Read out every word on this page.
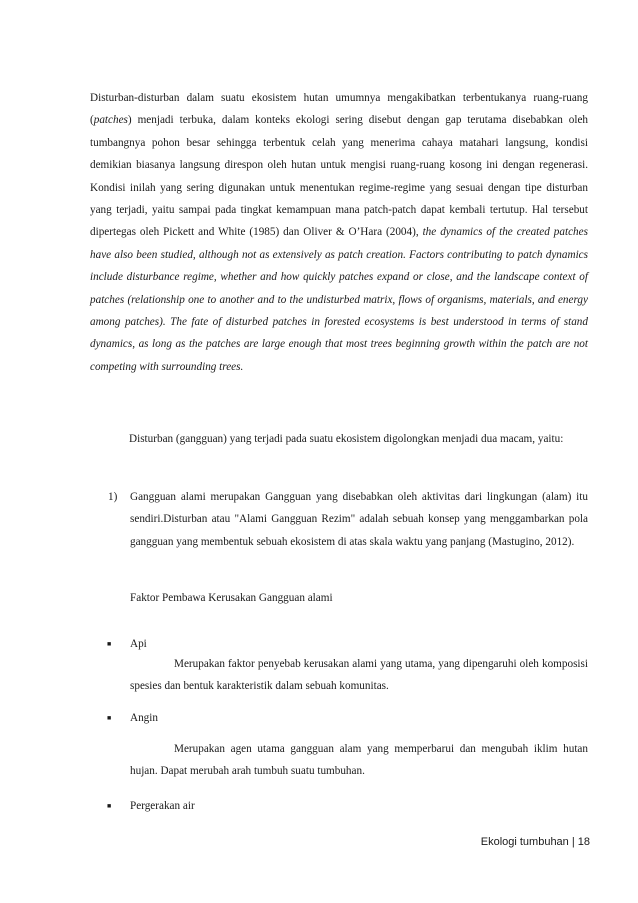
Disturban-disturban dalam suatu ekosistem hutan umumnya mengakibatkan terbentukanya ruang-ruang (patches) menjadi terbuka, dalam konteks ekologi sering disebut dengan gap terutama disebabkan oleh tumbangnya pohon besar sehingga terbentuk celah yang menerima cahaya matahari langsung, kondisi demikian biasanya langsung direspon oleh hutan untuk mengisi ruang-ruang kosong ini dengan regenerasi. Kondisi inilah yang sering digunakan untuk menentukan regime-regime yang sesuai dengan tipe disturban yang terjadi, yaitu sampai pada tingkat kemampuan mana patch-patch dapat kembali tertutup. Hal tersebut dipertegas oleh Pickett and White (1985) dan Oliver & O’Hara (2004), the dynamics of the created patches have also been studied, although not as extensively as patch creation. Factors contributing to patch dynamics include disturbance regime, whether and how quickly patches expand or close, and the landscape context of patches (relationship one to another and to the undisturbed matrix, flows of organisms, materials, and energy among patches). The fate of disturbed patches in forested ecosystems is best understood in terms of stand dynamics, as long as the patches are large enough that most trees beginning growth within the patch are not competing with surrounding trees.

Disturban (gangguan) yang terjadi pada suatu ekosistem digolongkan menjadi dua macam, yaitu:

1) Gangguan alami merupakan Gangguan yang disebabkan oleh aktivitas dari lingkungan (alam) itu sendiri.Disturban atau "Alami Gangguan Rezim" adalah sebuah konsep yang menggambarkan pola gangguan yang membentuk sebuah ekosistem di atas skala waktu yang panjang (Mastugino, 2012).

Faktor Pembawa Kerusakan Gangguan alami
■ Api

Merupakan faktor penyebab kerusakan alami yang utama, yang dipengaruhi oleh komposisi spesies dan bentuk karakteristik dalam sebuah komunitas.

■ Angin

Merupakan agen utama gangguan alam yang memperbarui dan mengubah iklim hutan hujan. Dapat merubah arah tumbuh suatu tumbuhan.

■ Pergerakan air
Ekologi tumbuhan | 18
